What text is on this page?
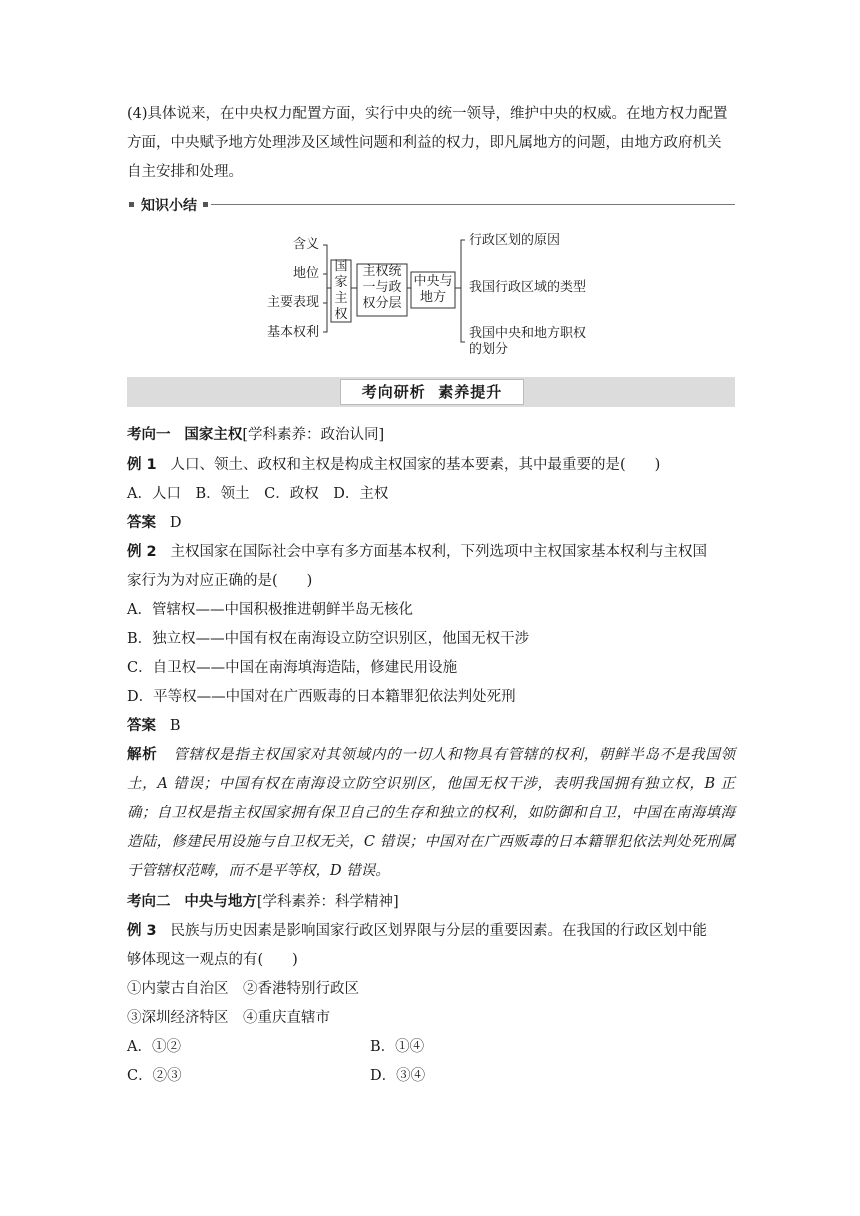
(4)具体说来，在中央权力配置方面，实行中央的统一领导，维护中央的权威。在地方权力配置方面，中央赋予地方处理涉及区域性问题和利益的权力，即凡属地方的问题，由地方政府机关自主安排和处理。

知识小结
含义
地位
主要表现
基本权利
国家主权
主权统一与政权分层
中央与地方
行政区划的原因
我国行政区域的类型
我国中央和地方职权的划分
考向研析 素养提升

考向一 国家主权[学科素养：政治认同]

例 1 人口、领土、政权和主权是构成主权国家的基本要素，其中最重要的是(　　)

A．人口　B．领土　C．政权　D．主权

答案 D

例 2 主权国家在国际社会中享有多方面基本权利，下列选项中主权国家基本权利与主权国

家行为为对应正确的是(　　)

A．管辖权——中国积极推进朝鲜半岛无核化

B．独立权——中国有权在南海设立防空识别区，他国无权干涉

C．自卫权——中国在南海填海造陆，修建民用设施

D．平等权——中国对在广西贩毒的日本籍罪犯依法判处死刑

答案 B

解析 管辖权是指主权国家对其领域内的一切人和物具有管辖的权利，朝鲜半岛不是我国领土，A 错误；中国有权在南海设立防空识别区，他国无权干涉，表明我国拥有独立权，B 正确；自卫权是指主权国家拥有保卫自己的生存和独立的权利，如防御和自卫，中国在南海填海造陆，修建民用设施与自卫权无关，C 错误；中国对在广西贩毒的日本籍罪犯依法判处死刑属于管辖权范畴，而不是平等权，D 错误。

考向二 中央与地方[学科素养：科学精神]

例 3 民族与历史因素是影响国家行政区划界限与分层的重要因素。在我国的行政区划中能

够体现这一观点的有(　　)

①内蒙古自治区　②香港特别行政区

③深圳经济特区　④重庆直辖市

A．①②	B．①④

C．②③	D．③④
